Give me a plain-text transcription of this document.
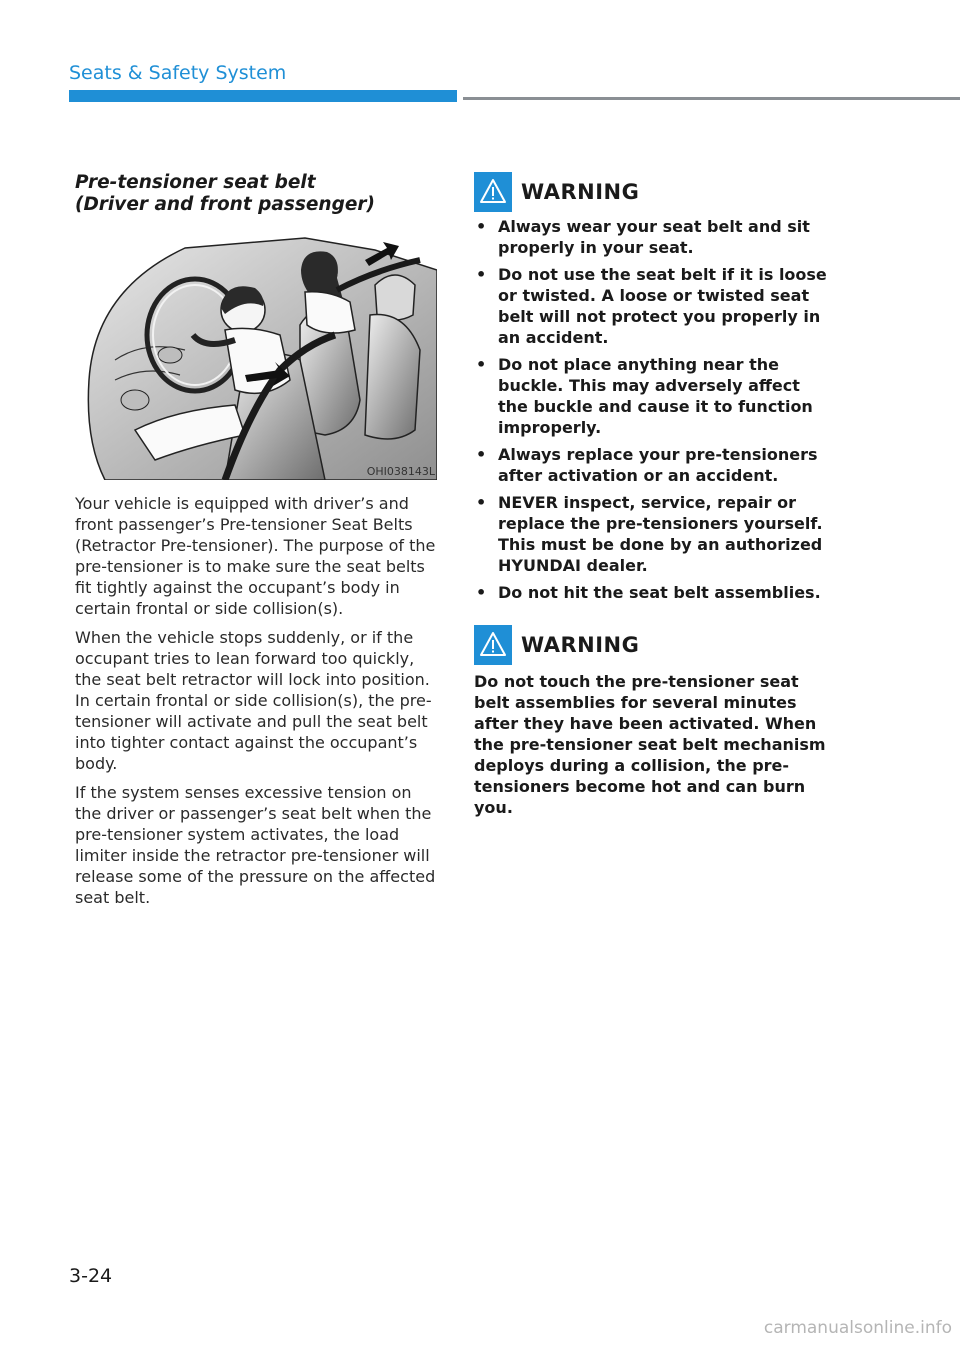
Seats & Safety System
Pre-tensioner seat belt
(Driver and front passenger)
OHI038143L

Your vehicle is equipped with driver’s and front passenger’s Pre-tensioner Seat Belts (Retractor Pre-tensioner). The purpose of the pre-tensioner is to make sure the seat belts fit tightly against the occupant’s body in certain frontal or side collision(s).

When the vehicle stops suddenly, or if the occupant tries to lean forward too quickly, the seat belt retractor will lock into position. In certain frontal or side collision(s), the pre-tensioner will activate and pull the seat belt into tighter contact against the occupant’s body.

If the system senses excessive tension on the driver or passenger’s seat belt when the pre-tensioner system activates, the load limiter inside the retractor pre-tensioner will release some of the pressure on the affected seat belt.

WARNING
• Always wear your seat belt and sit properly in your seat.
• Do not use the seat belt if it is loose or twisted. A loose or twisted seat belt will not protect you properly in an accident.
• Do not place anything near the buckle. This may adversely affect the buckle and cause it to function improperly.
• Always replace your pre-tensioners after activation or an accident.
• NEVER inspect, service, repair or replace the pre-tensioners yourself. This must be done by an authorized HYUNDAI dealer.
• Do not hit the seat belt assemblies.
WARNING

Do not touch the pre-tensioner seat belt assemblies for several minutes after they have been activated. When the pre-tensioner seat belt mechanism deploys during a collision, the pre-tensioners become hot and can burn you.

3-24
carmanualsonline.info
